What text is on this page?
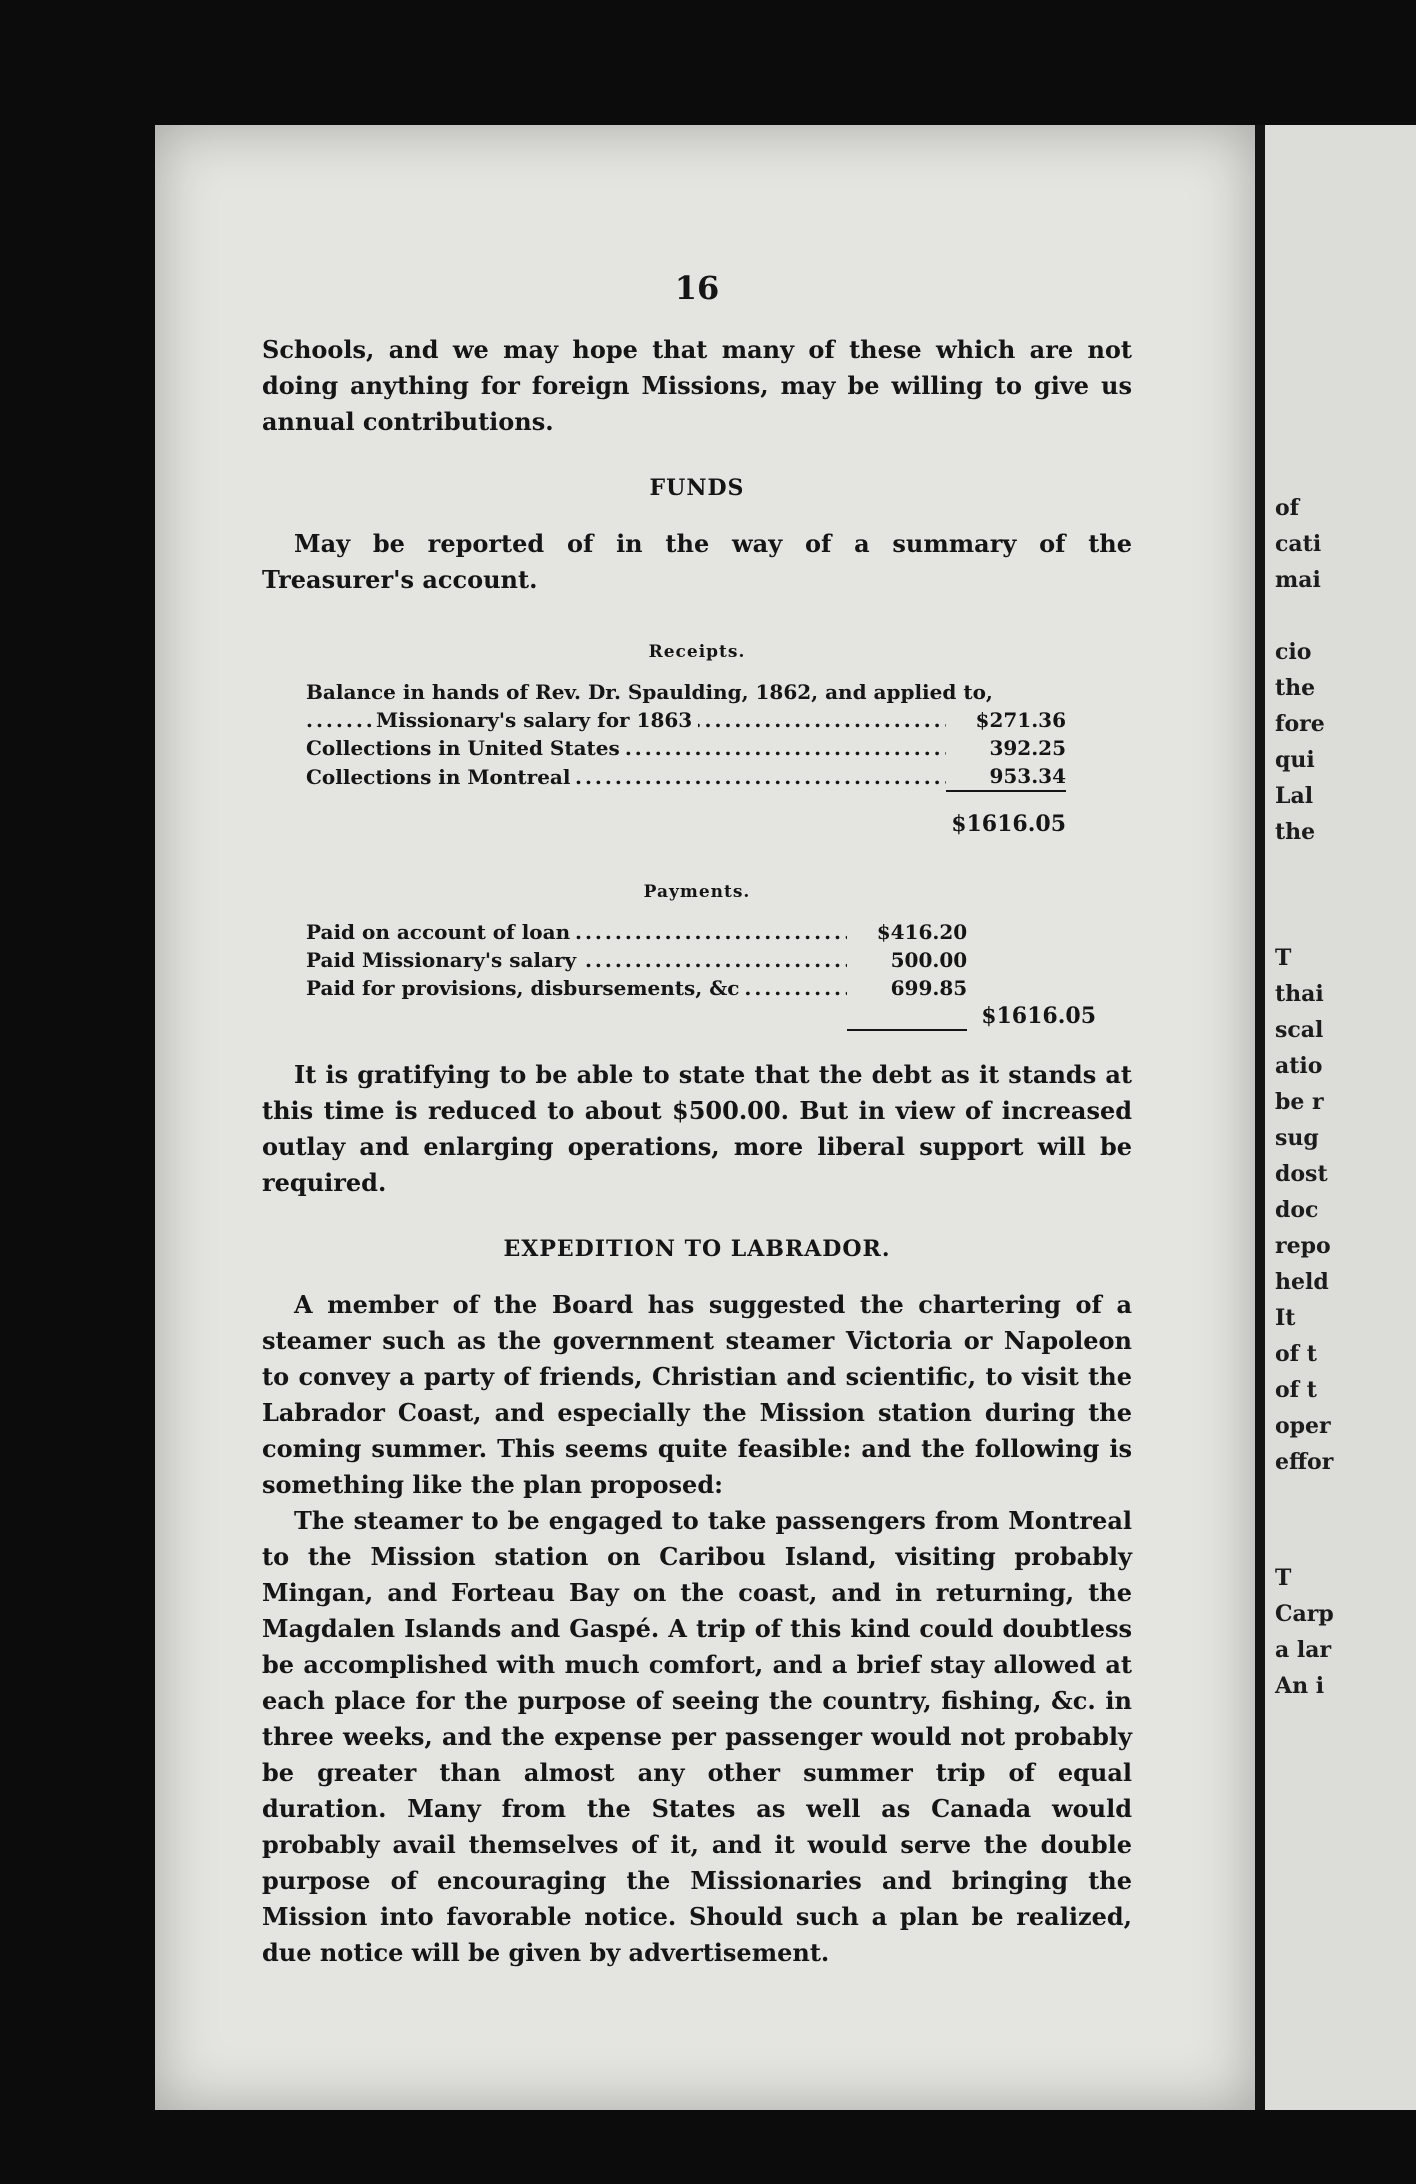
of
cati
mai
cio
the
fore
qui
Lal
the
T
thai
scal
atio
be r
sug
dost
doc
repo
held
It
of t
of t
oper
effor
T
Carp
a lar
An i
16

Schools, and we may hope that many of these which are not doing anything for foreign Missions, may be willing to give us annual contributions.

FUNDS

May be reported of in the way of a summary of the Treasurer's account.

Receipts.
Balance in hands of Rev. Dr. Spaulding, 1862, and applied to,	
Missionary's salary for 1863 .....	$271.36
Collections in United States .....	392.25
Collections in Montreal .....	953.34
	$1616.05
Payments.
Paid on account of loan .....	$416.20	
Paid Missionary's salary .....	500.00	
Paid for provisions, disbursements, &c .....	699.85	
		$1616.05

It is gratifying to be able to state that the debt as it stands at this time is reduced to about $500.00. But in view of increased outlay and enlarging operations, more liberal support will be required.

EXPEDITION TO LABRADOR.

A member of the Board has suggested the chartering of a steamer such as the government steamer Victoria or Napoleon to convey a party of friends, Christian and scientific, to visit the Labrador Coast, and especially the Mission station during the coming summer. This seems quite feasible: and the following is something like the plan proposed:

The steamer to be engaged to take passengers from Montreal to the Mission station on Caribou Island, visiting probably Mingan, and Forteau Bay on the coast, and in returning, the Magdalen Islands and Gaspé. A trip of this kind could doubtless be accomplished with much comfort, and a brief stay allowed at each place for the purpose of seeing the country, fishing, &c. in three weeks, and the expense per passenger would not probably be greater than almost any other summer trip of equal duration. Many from the States as well as Canada would probably avail themselves of it, and it would serve the double purpose of encouraging the Missionaries and bringing the Mission into favorable notice. Should such a plan be realized, due notice will be given by advertisement.
